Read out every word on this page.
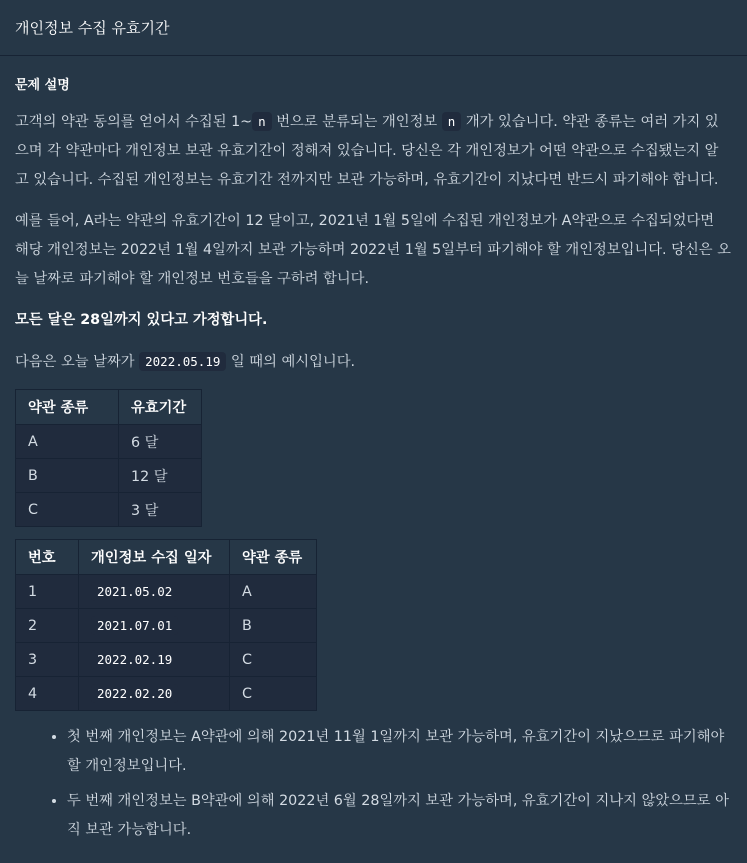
개인정보 수집 유효기간
문제 설명

고객의 약관 동의를 얻어서 수집된 1~ n 번으로 분류되는 개인정보 n 개가 있습니다. 약관 종류는 여러 가지 있으며 각 약관마다 개인정보 보관 유효기간이 정해져 있습니다. 당신은 각 개인정보가 어떤 약관으로 수집됐는지 알고 있습니다. 수집된 개인정보는 유효기간 전까지만 보관 가능하며, 유효기간이 지났다면 반드시 파기해야 합니다.

예를 들어, A라는 약관의 유효기간이 12 달이고, 2021년 1월 5일에 수집된 개인정보가 A약관으로 수집되었다면 해당 개인정보는 2022년 1월 4일까지 보관 가능하며 2022년 1월 5일부터 파기해야 할 개인정보입니다. 당신은 오늘 날짜로 파기해야 할 개인정보 번호들을 구하려 합니다.

모든 달은 28일까지 있다고 가정합니다.

다음은 오늘 날짜가 2022.05.19 일 때의 예시입니다.

약관 종류	유효기간
A	6 달
B	12 달
C	3 달
번호	개인정보 수집 일자	약관 종류
1	2021.05.02	A
2	2021.07.01	B
3	2022.02.19	C
4	2022.02.20	C
• 첫 번째 개인정보는 A약관에 의해 2021년 11월 1일까지 보관 가능하며, 유효기간이 지났으므로 파기해야 할 개인정보입니다.
• 두 번째 개인정보는 B약관에 의해 2022년 6월 28일까지 보관 가능하며, 유효기간이 지나지 않았으므로 아직 보관 가능합니다.
